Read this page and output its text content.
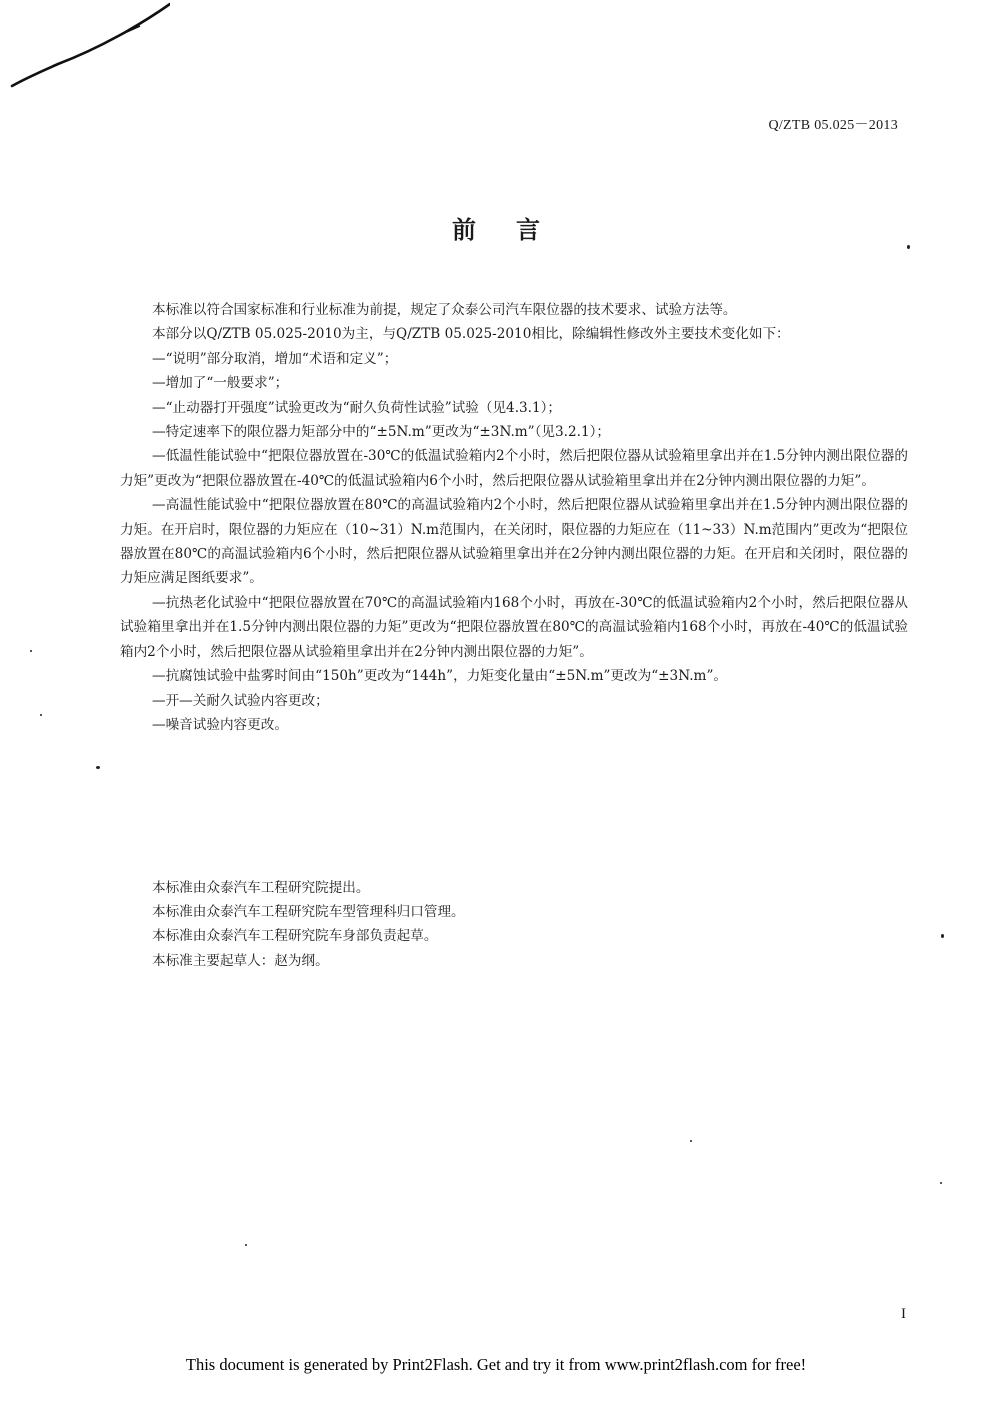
Q/ZTB 05.025－2013
前言

本标准以符合国家标准和行业标准为前提，规定了众泰公司汽车限位器的技术要求、试验方法等。

本部分以Q/ZTB 05.025-2010为主，与Q/ZTB 05.025-2010相比，除编辑性修改外主要技术变化如下：

—“说明”部分取消，增加“术语和定义”；

—增加了“一般要求”；

—“止动器打开强度”试验更改为“耐久负荷性试验”试验（见4.3.1）；

—特定速率下的限位器力矩部分中的“±5N.m”更改为“±3N.m”（见3.2.1）；

—低温性能试验中“把限位器放置在-30℃的低温试验箱内2个小时，然后把限位器从试验箱里拿出并在1.5分钟内测出限位器的力矩”更改为“把限位器放置在-40℃的低温试验箱内6个小时，然后把限位器从试验箱里拿出并在2分钟内测出限位器的力矩”。

—高温性能试验中“把限位器放置在80℃的高温试验箱内2个小时，然后把限位器从试验箱里拿出并在1.5分钟内测出限位器的力矩。在开启时，限位器的力矩应在（10~31）N.m范围内，在关闭时，限位器的力矩应在（11~33）N.m范围内”更改为“把限位器放置在80℃的高温试验箱内6个小时，然后把限位器从试验箱里拿出并在2分钟内测出限位器的力矩。在开启和关闭时，限位器的力矩应满足图纸要求”。

—抗热老化试验中“把限位器放置在70℃的高温试验箱内168个小时，再放在-30℃的低温试验箱内2个小时，然后把限位器从试验箱里拿出并在1.5分钟内测出限位器的力矩”更改为“把限位器放置在80℃的高温试验箱内168个小时，再放在-40℃的低温试验箱内2个小时，然后把限位器从试验箱里拿出并在2分钟内测出限位器的力矩”。

—抗腐蚀试验中盐雾时间由“150h”更改为“144h”，力矩变化量由“±5N.m”更改为“±3N.m”。

—开—关耐久试验内容更改；

—噪音试验内容更改。

本标准由众泰汽车工程研究院提出。

本标准由众泰汽车工程研究院车型管理科归口管理。

本标准由众泰汽车工程研究院车身部负责起草。

本标准主要起草人：赵为纲。

I
This document is generated by Print2Flash. Get and try it from www.print2flash.com for free!
